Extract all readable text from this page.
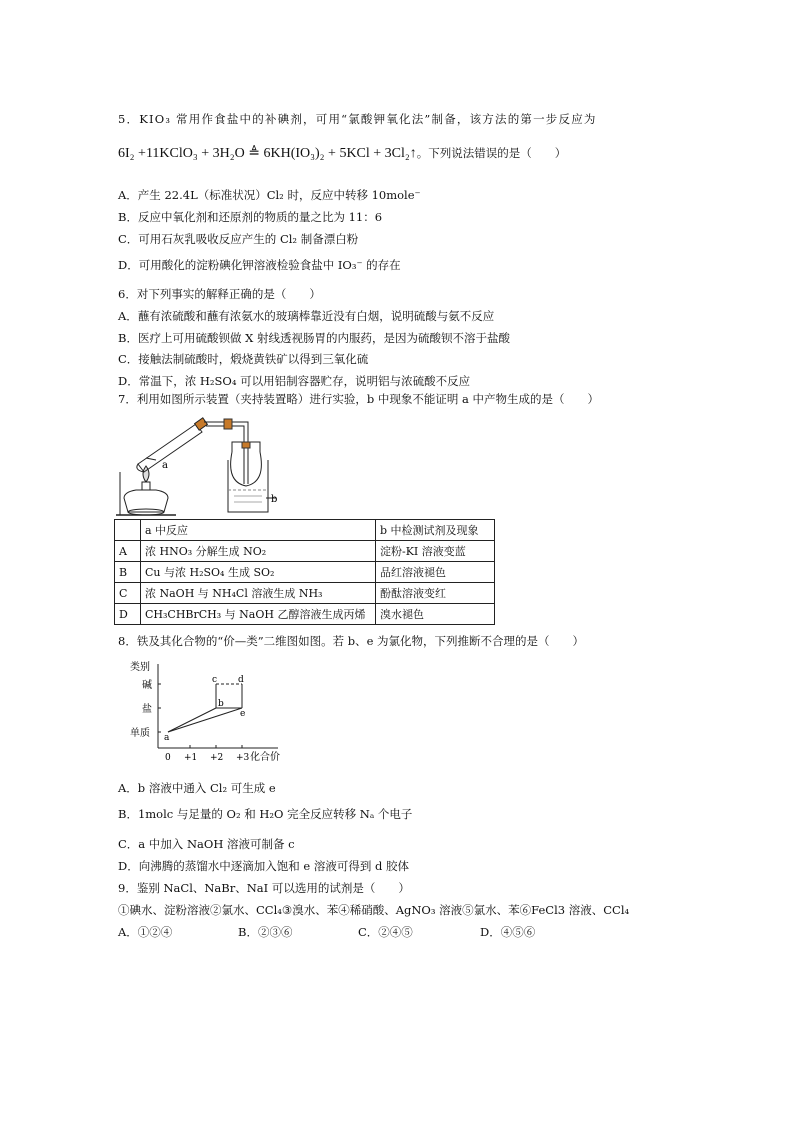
5．KIO₃ 常用作食盐中的补碘剂，可用“氯酸钾氧化法”制备，该方法的第一步反应为
6I₂ +11KClO₃ + 3H₂O ≜ 6KH(IO₃)₂ + 5KCl + 3Cl₂↑。下列说法错误的是（　　）
A．产生 22.4L（标准状况）Cl₂ 时，反应中转移 10mole⁻
B．反应中氧化剂和还原剂的物质的量之比为 11：6
C．可用石灰乳吸收反应产生的 Cl₂ 制备漂白粉
D．可用酸化的淀粉碘化钾溶液检验食盐中 IO₃⁻ 的存在
6．对下列事实的解释正确的是（　　）
A．蘸有浓硫酸和蘸有浓氨水的玻璃棒靠近没有白烟，说明硫酸与氨不反应
B．医疗上可用硫酸钡做 X 射线透视肠胃的内服药，是因为硫酸钡不溶于盐酸
C．接触法制硫酸时，煅烧黄铁矿以得到三氧化硫
D．常温下，浓 H₂SO₄ 可以用铝制容器贮存，说明铝与浓硫酸不反应
7．利用如图所示装置（夹持装置略）进行实验，b 中现象不能证明 a 中产物生成的是（　　）
a
b
	a 中反应	b 中检测试剂及现象
A	浓 HNO₃ 分解生成 NO₂	淀粉-KI 溶液变蓝
B	Cu 与浓 H₂SO₄ 生成 SO₂	品红溶液褪色
C	浓 NaOH 与 NH₄Cl 溶液生成 NH₃	酚酞溶液变红
D	CH₃CHBrCH₃ 与 NaOH 乙醇溶液生成丙烯	溴水褪色
8．铁及其化合物的“价—类”二维图如图。若 b、e 为氯化物，下列推断不合理的是（　　）
类别
碱
盐
单质
0 +1 +2 +3 化合价
a
b
c d
e
A．b 溶液中通入 Cl₂ 可生成 e
B．1molc 与足量的 O₂ 和 H₂O 完全反应转移 Nₐ 个电子
C．a 中加入 NaOH 溶液可制备 c
D．向沸腾的蒸馏水中逐滴加入饱和 e 溶液可得到 d 胶体
9．鉴别 NaCl、NaBr、NaI 可以选用的试剂是（　　）
①碘水、淀粉溶液②氯水、CCl₄③溴水、苯④稀硝酸、AgNO₃ 溶液⑤氯水、苯⑥FeCl3 溶液、CCl₄
A．①②④	B．②③⑥	C．②④⑤	D．④⑤⑥
